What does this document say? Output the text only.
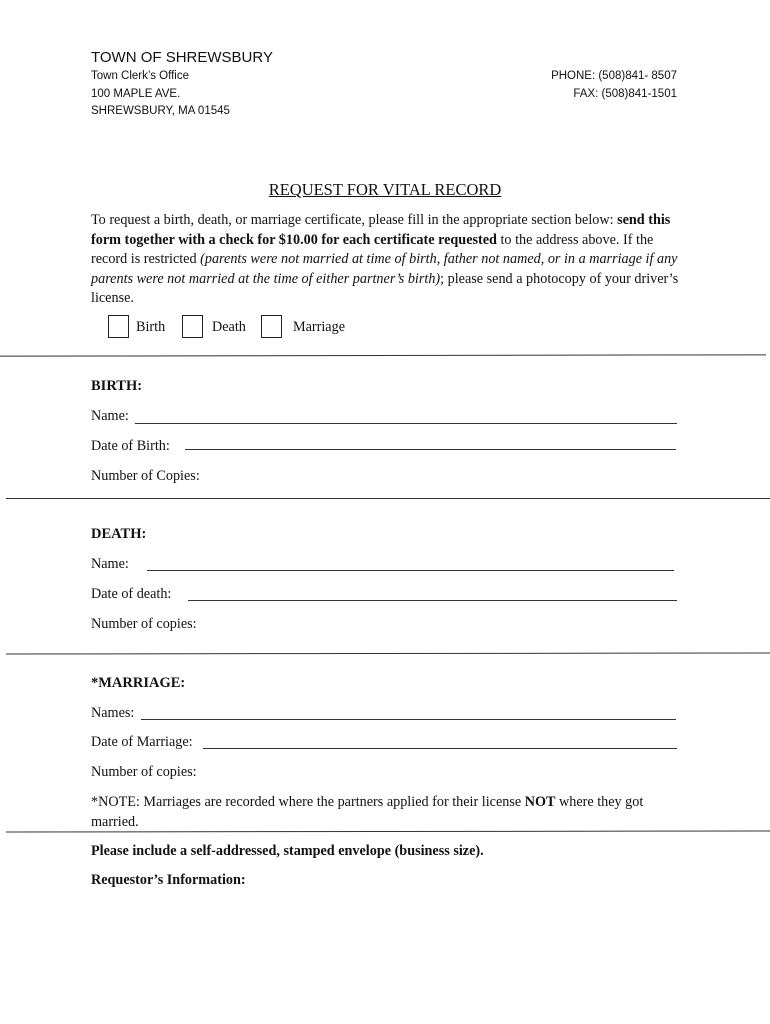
TOWN OF SHREWSBURY
Town Clerk’s Office
100 MAPLE AVE.
SHREWSBURY, MA 01545
PHONE: (508)841- 8507
FAX: (508)841-1501
REQUEST FOR VITAL RECORD
To request a birth, death, or marriage certificate, please fill in the appropriate section below: send this form together with a check for $10.00 for each certificate requested to the address above. If the record is restricted (parents were not married at time of birth, father not named, or in a marriage if any parents were not married at the time of either partner’s birth); please send a photocopy of your driver’s license.
Birth	Death	Marriage
BIRTH:
Name:
Date of Birth:
Number of Copies:
DEATH:
Name:
Date of death:
Number of copies:
*MARRIAGE:
Names:
Date of Marriage:
Number of copies:
*NOTE: Marriages are recorded where the partners applied for their license NOT where they got married.
Please include a self-addressed, stamped envelope (business size).
Requestor’s Information:
